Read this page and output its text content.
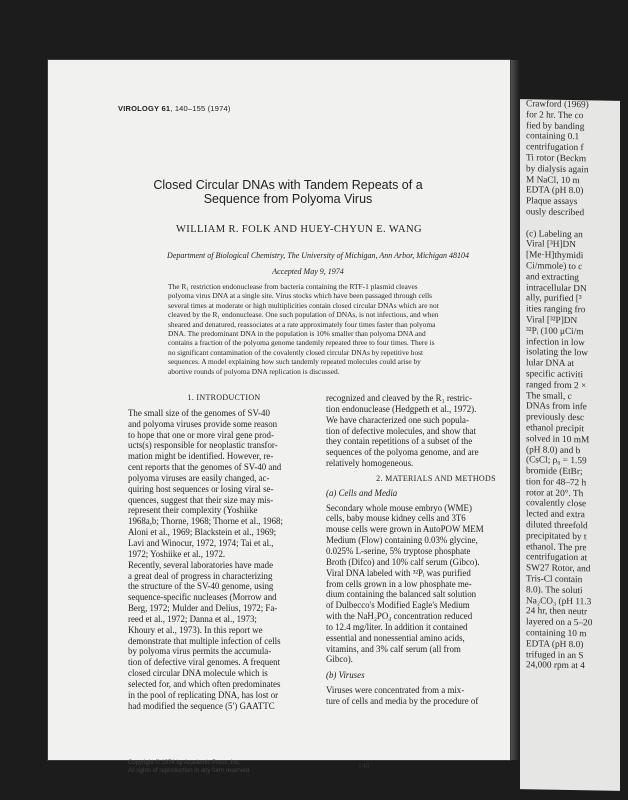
Crawford (1969)
for 2 hr. The co
fied by banding
containing 0.1
centrifugation f
Ti rotor (Beckm
by dialysis again
M NaCl, 10 m
EDTA (pH 8.0)
Plaque assays
ously described

(c) Labeling an
Viral [³H]DN
[Me·H]thymidi
Ci/mmole) to c
and extracting
intracellular DN
ally, purified [³
ities ranging fro
Viral [³²P]DN
³²Pᵢ (100 μCi/m
infection in low
isolating the low
lular DNA at
specific activiti
ranged from 2 ×
The small, c
DNAs from infe
previously desc
ethanol precipit
solved in 10 mM
(pH 8.0) and b
(CsCl; ρ₀ = 1.59
bromide (EtBr;
tion for 48–72 h
rotor at 20°. Th
covalently close
lected and extra
diluted threefold
precipitated by t
ethanol. The pre
centrifugation at
SW27 Rotor, and
Tris-Cl contain
8.0). The soluti
Na₂CO₃ (pH 11.3
24 hr, then neutr
layered on a 5–20
containing 10 m
EDTA (pH 8.0)
trifuged in an S
24,000 rpm at 4
VIROLOGY 61, 140–155 (1974)
Closed Circular DNAs with Tandem Repeats of a
Sequence from Polyoma Virus
WILLIAM R. FOLK AND HUEY-CHYUN E. WANG
Department of Biological Chemistry, The University of Michigan, Ann Arbor, Michigan 48104
Accepted May 9, 1974
The R₁ restriction endonuclease from bacteria containing the RTF-1 plasmid cleaves
polyoma virus DNA at a single site. Virus stocks which have been passaged through cells
several times at moderate or high multiplicities contain closed circular DNAs which are not
cleaved by the R₁ endonuclease. One such population of DNAs, is not infectious, and when
sheared and denatured, reassociates at a rate approximately four times faster than polyoma
DNA. The predominant DNA in the population is 10% smaller than polyoma DNA and
contains a fraction of the polyoma genome tandemly repeated three to four times. There is
no significant contamination of the covalently closed circular DNAs by repetitive host
sequences. A model explaining how such tandemly repeated molecules could arise by
abortive rounds of polyoma DNA replication is discussed.
1. INTRODUCTION
The small size of the genomes of SV-40
and polyoma viruses provide some reason
to hope that one or more viral gene prod-
ucts(s) responsible for neoplastic transfor-
mation might be identified. However, re-
cent reports that the genomes of SV-40 and
polyoma viruses are easily changed, ac-
quiring host sequences or losing viral se-
quences, suggest that their size may mis-
represent their complexity (Yoshiike
1968a,b; Thorne, 1968; Thorne et al., 1968;
Aloni et al., 1969; Blackstein et al., 1969;
Lavi and Winocur, 1972, 1974; Tai et al.,
1972; Yoshiike et al., 1972.
Recently, several laboratories have made
a great deal of progress in characterizing
the structure of the SV-40 genome, using
sequence-specific nucleases (Morrow and
Berg, 1972; Mulder and Delius, 1972; Fa-
reed et al., 1972; Danna et al., 1973;
Khoury et al., 1973). In this report we
demonstrate that multiple infection of cells
by polyoma virus permits the accumula-
tion of defective viral genomes. A frequent
closed circular DNA molecule which is
selected for, and which often predominates
in the pool of replicating DNA, has lost or
had modified the sequence (5′) GAATTC
recognized and cleaved by the R₁ restric-
tion endonuclease (Hedgpeth et al., 1972).
We have characterized one such popula-
tion of defective molecules, and show that
they contain repetitions of a subset of the
sequences of the polyoma genome, and are
relatively homogeneous.
2. MATERIALS AND METHODS
(a) Cells and Media
Secondary whole mouse embryo (WME)
cells, baby mouse kidney cells and 3T6
mouse cells were grown in AutoPOW MEM
Medium (Flow) containing 0.03% glycine,
0.025% L-serine, 5% tryptose phosphate
Broth (Difco) and 10% calf serum (Gibco).
Viral DNA labeled with ³²Pᵢ was purified
from cells grown in a low phosphate me-
dium containing the balanced salt solution
of Dulbecco's Modified Eagle's Medium
with the NaH₂PO₄ concentration reduced
to 12.4 mg/liter. In addition it contained
essential and nonessential amino acids,
vitamins, and 3% calf serum (all from
Gibco).
(b) Viruses
Viruses were concentrated from a mix-
ture of cells and media by the procedure of
Copyright © 1974 by Academic Press, Inc.
All rights of reproduction in any form reserved.
140
